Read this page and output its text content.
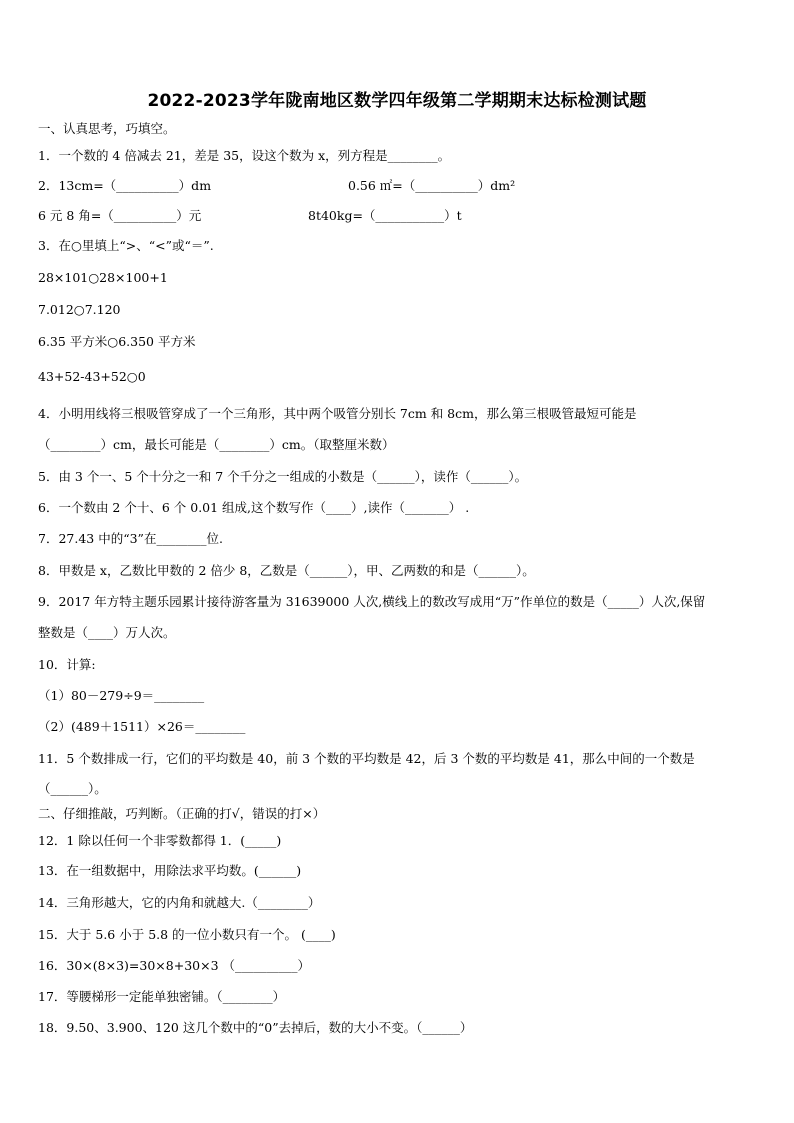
2022-2023学年陇南地区数学四年级第二学期期末达标检测试题
一、认真思考，巧填空。
1．一个数的 4 倍减去 21，差是 35，设这个数为 x，列方程是________。
2．13cm=（__________）dm	0.56 ㎡=（__________）dm²
6 元 8 角=（__________）元	8t40kg=（___________）t
3．在○里填上“>、“<”或“＝”.
28×101○28×100+1
7.012○7.120
6.35 平方米○6.350 平方米
43+52-43+52○0
4．小明用线将三根吸管穿成了一个三角形，其中两个吸管分别长 7cm 和 8cm，那么第三根吸管最短可能是
（________）cm，最长可能是（________）cm。（取整厘米数）
5．由 3 个一、5 个十分之一和 7 个千分之一组成的小数是（______），读作（______）。
6．一个数由 2 个十、6 个 0.01 组成,这个数写作（____）,读作（_______） .
7．27.43 中的“3”在________位.
8．甲数是 x，乙数比甲数的 2 倍少 8，乙数是（______），甲、乙两数的和是（______）。
9．2017 年方特主题乐园累计接待游客量为 31639000 人次,横线上的数改写成用“万”作单位的数是（_____）人次,保留
整数是（____）万人次。
10．计算:
（1）80－279÷9＝________
（2）(489＋1511）×26＝________
11．5 个数排成一行，它们的平均数是 40，前 3 个数的平均数是 42，后 3 个数的平均数是 41，那么中间的一个数是
（______）。
二、仔细推敲，巧判断。（正确的打√，错误的打×）
12．1 除以任何一个非零数都得 1．(_____)
13．在一组数据中，用除法求平均数。(______)
14．三角形越大，它的内角和就越大.（________）
15．大于 5.6 小于 5.8 的一位小数只有一个。 (____)
16．30×(8×3)=30×8+30×3 （__________）
17．等腰梯形一定能单独密铺。（________）
18．9.50、3.900、120 这几个数中的“0”去掉后，数的大小不变。（______）
